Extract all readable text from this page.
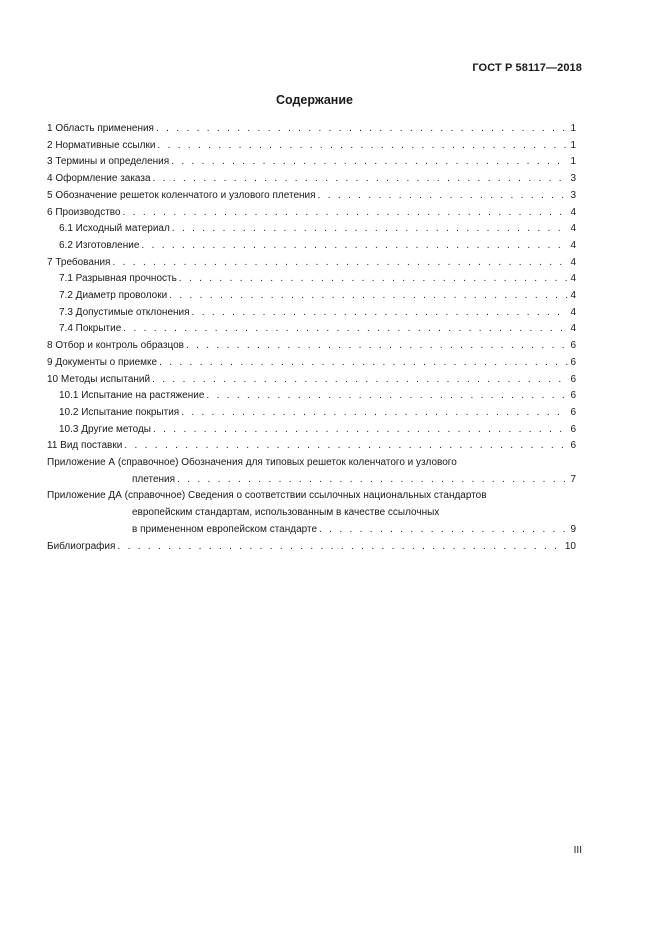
ГОСТ Р 58117—2018
Содержание
1 Область применения . . .	1
2 Нормативные ссылки . . .	1
3 Термины и определения . . .	1
4 Оформление заказа . . .	3
5 Обозначение решеток коленчатого и узлового плетения . . .	3
6 Производство . . .	4
6.1 Исходный материал . . .	4
6.2 Изготовление . . .	4
7 Требования . . .	4
7.1 Разрывная прочность . . .	4
7.2 Диаметр проволоки . . .	4
7.3 Допустимые отклонения . . .	4
7.4 Покрытие . . .	4
8 Отбор и контроль образцов . . .	6
9 Документы о приемке . . .	6
10 Методы испытаний . . .	6
10.1 Испытание на растяжение . . .	6
10.2 Испытание покрытия . . .	6
10.3 Другие методы . . .	6
11 Вид поставки . . .	6
Приложение А (справочное) Обозначения для типовых решеток коленчатого и узлового
плетения . . .	7
Приложение ДА (справочное) Сведения о соответствии ссылочных национальных стандартов
европейским стандартам, использованным в качестве ссылочных
в примененном европейском стандарте . . .	9
Библиография . . .	10
III
